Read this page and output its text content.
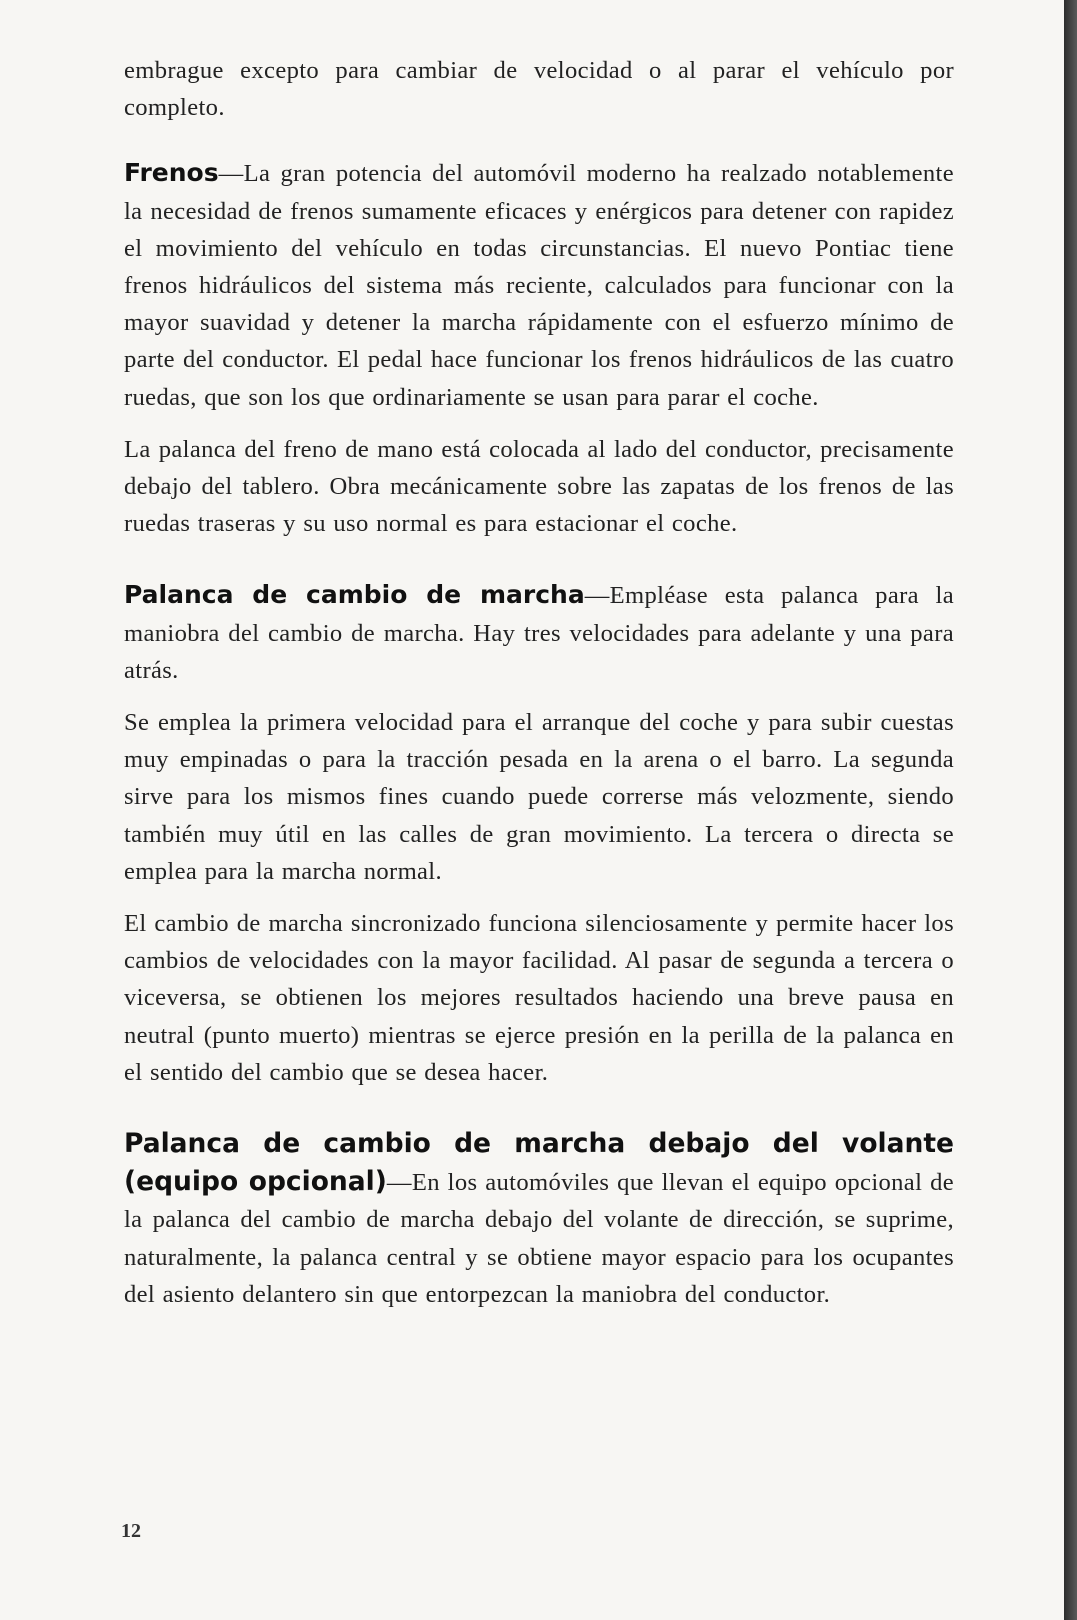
embrague excepto para cambiar de velocidad o al parar el vehículo por completo.

Frenos—La gran potencia del automóvil moderno ha realzado notablemente la necesidad de frenos sumamente eficaces y enérgicos para detener con rapidez el movimiento del vehículo en todas circunstancias. El nuevo Pontiac tiene frenos hidráulicos del sistema más reciente, calculados para funcionar con la mayor suavidad y detener la marcha rápidamente con el esfuerzo mínimo de parte del conductor. El pedal hace funcionar los frenos hidráulicos de las cuatro ruedas, que son los que ordinariamente se usan para parar el coche.

La palanca del freno de mano está colocada al lado del conductor, precisamente debajo del tablero. Obra mecánicamente sobre las zapatas de los frenos de las ruedas traseras y su uso normal es para estacionar el coche.

Palanca de cambio de marcha—Empléase esta palanca para la maniobra del cambio de marcha. Hay tres velocidades para adelante y una para atrás.

Se emplea la primera velocidad para el arranque del coche y para subir cuestas muy empinadas o para la tracción pesada en la arena o el barro. La segunda sirve para los mismos fines cuando puede correrse más velozmente, siendo también muy útil en las calles de gran movimiento. La tercera o directa se emplea para la marcha normal.

El cambio de marcha sincronizado funciona silenciosamente y permite hacer los cambios de velocidades con la mayor facilidad. Al pasar de segunda a tercera o viceversa, se obtienen los mejores resultados haciendo una breve pausa en neutral (punto muerto) mientras se ejerce presión en la perilla de la palanca en el sentido del cambio que se desea hacer.

Palanca de cambio de marcha debajo del volante (equipo opcional)—En los automóviles que llevan el equipo opcional de la palanca del cambio de marcha debajo del volante de dirección, se suprime, naturalmente, la palanca central y se obtiene mayor espacio para los ocupantes del asiento delantero sin que entorpezcan la maniobra del conductor.

12
